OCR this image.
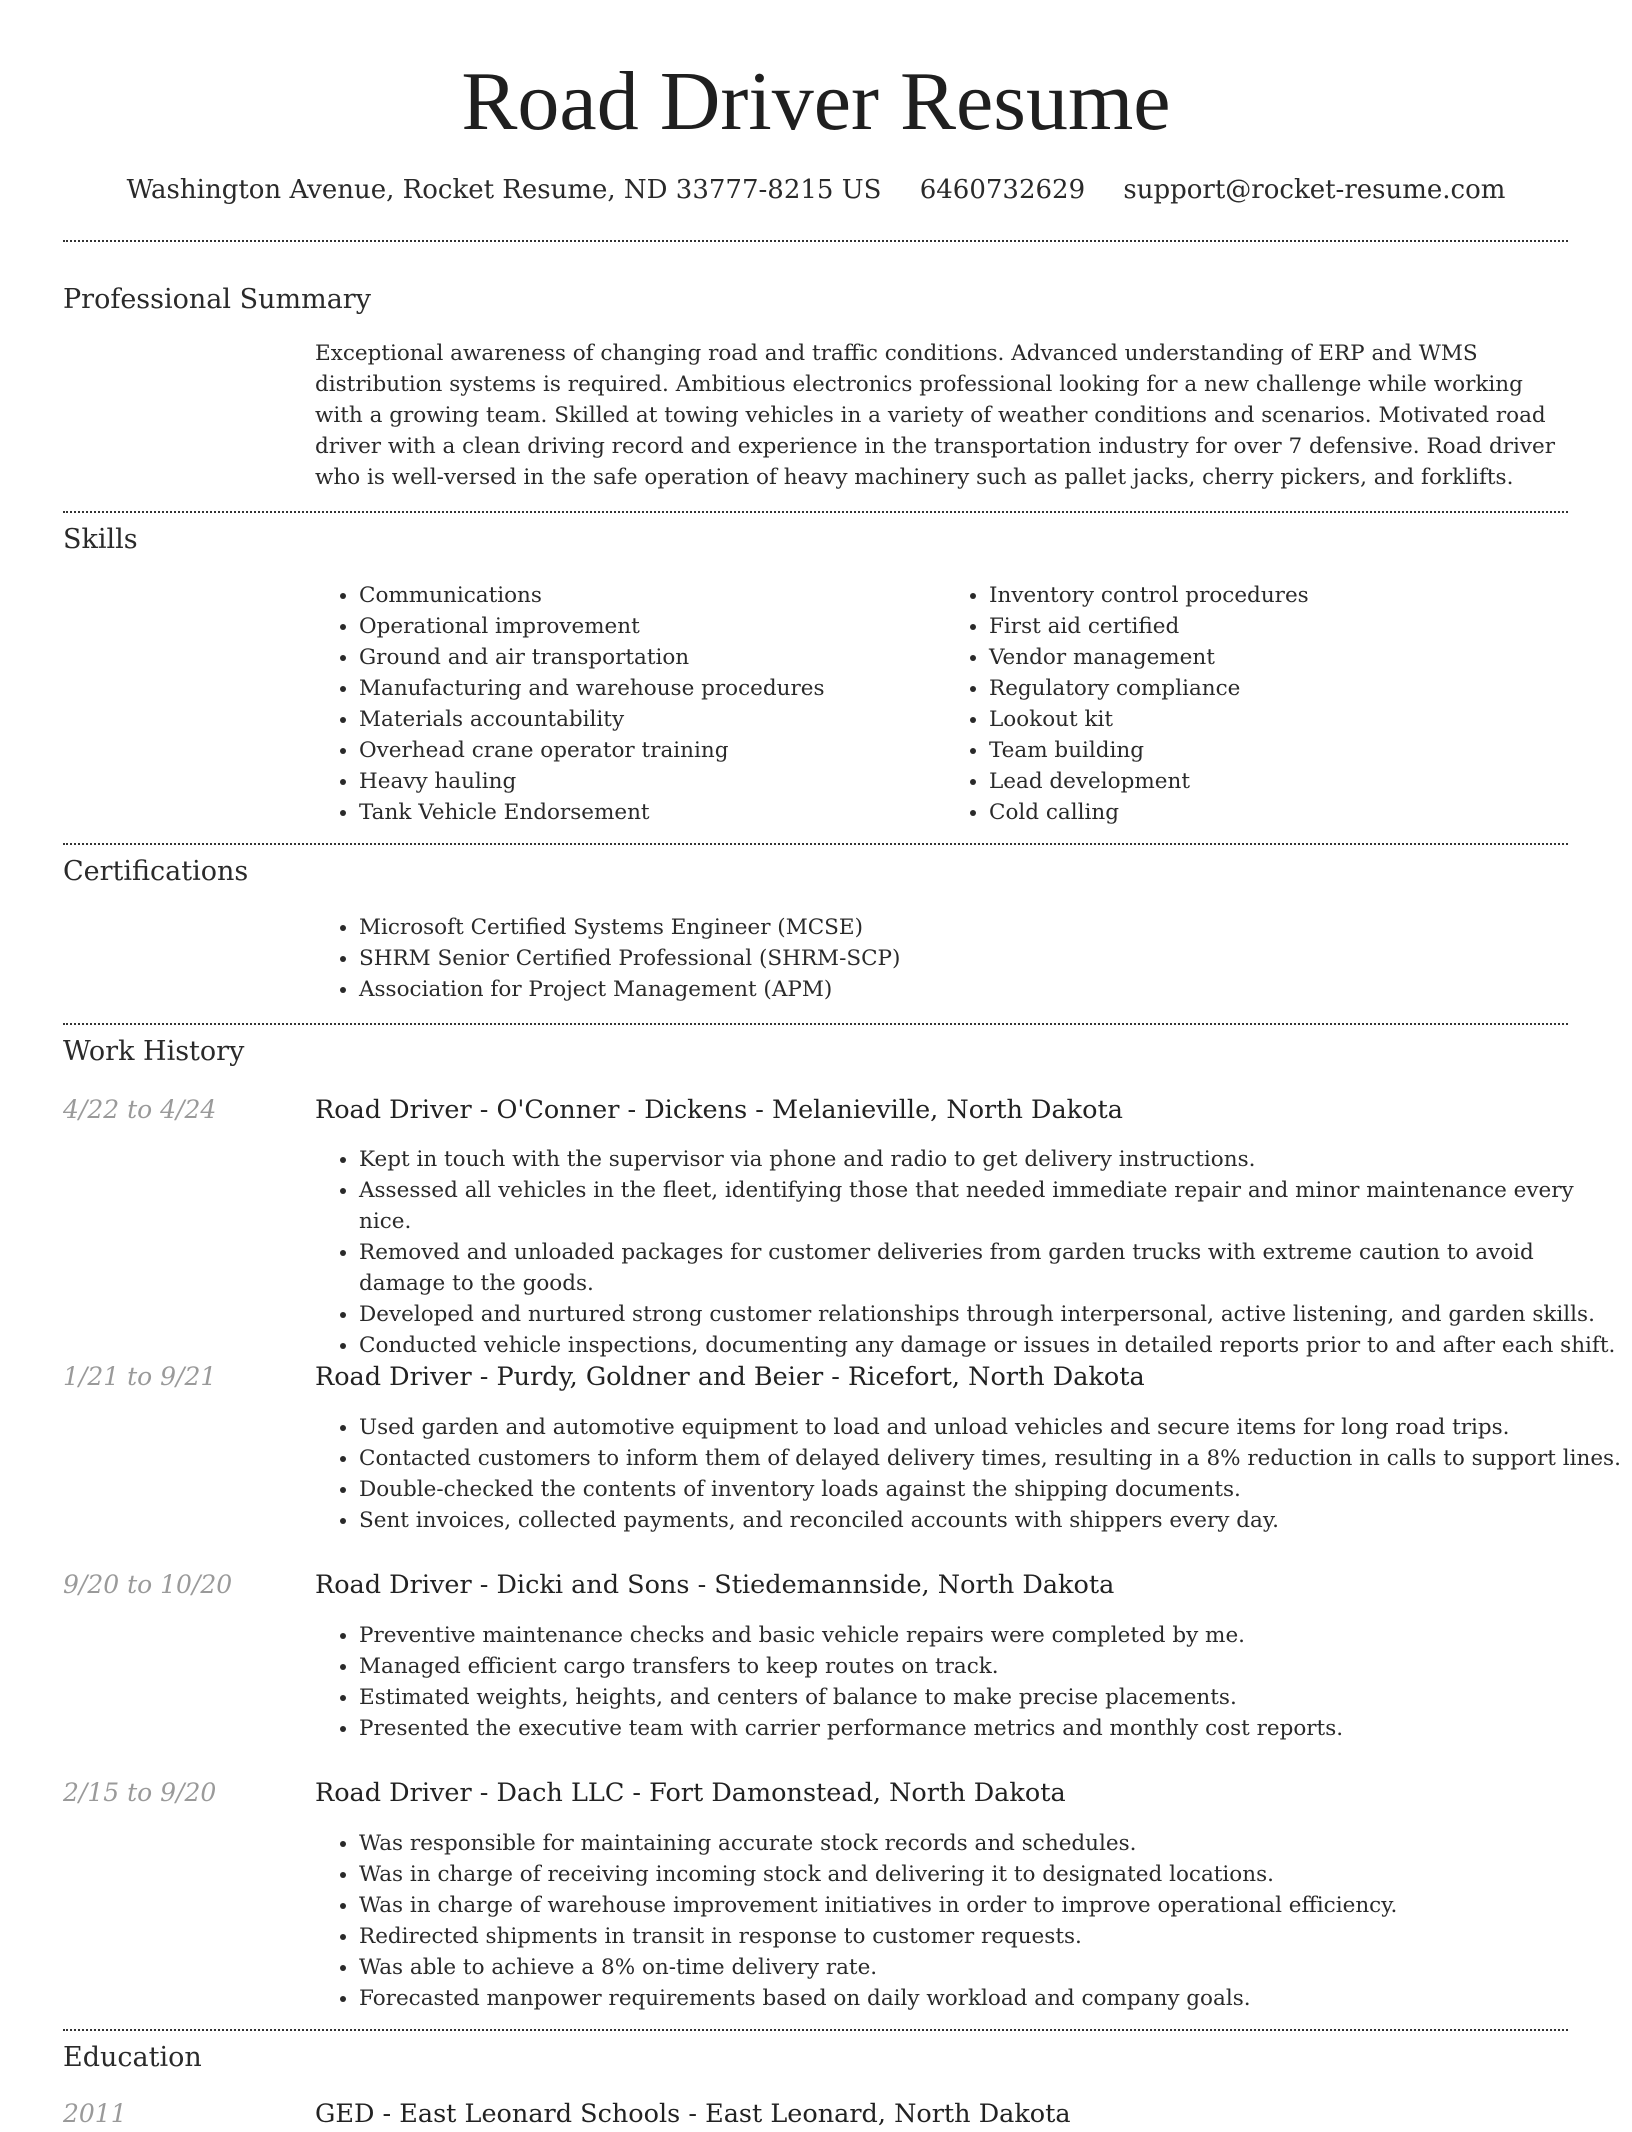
Road Driver Resume
Washington Avenue, Rocket Resume, ND 33777-8215 US 6460732629 support@rocket-resume.com
Professional Summary

Exceptional awareness of changing road and traffic conditions. Advanced understanding of ERP and WMS distribution systems is required. Ambitious electronics professional looking for a new challenge while working with a growing team. Skilled at towing vehicles in a variety of weather conditions and scenarios. Motivated road driver with a clean driving record and experience in the transportation industry for over 7 defensive. Road driver who is well-versed in the safe operation of heavy machinery such as pallet jacks, cherry pickers, and forklifts.

Skills
• Communications
• Operational improvement
• Ground and air transportation
• Manufacturing and warehouse procedures
• Materials accountability
• Overhead crane operator training
• Heavy hauling
• Tank Vehicle Endorsement
• Inventory control procedures
• First aid certified
• Vendor management
• Regulatory compliance
• Lookout kit
• Team building
• Lead development
• Cold calling
Certifications
• Microsoft Certified Systems Engineer (MCSE)
• SHRM Senior Certified Professional (SHRM-SCP)
• Association for Project Management (APM)
Work History
4/22 to 4/24	Road Driver - O'Conner - Dickens - Melanieville, North Dakota
• Kept in touch with the supervisor via phone and radio to get delivery instructions.
• Assessed all vehicles in the fleet, identifying those that needed immediate repair and minor maintenance every nice.
• Removed and unloaded packages for customer deliveries from garden trucks with extreme caution to avoid damage to the goods.
• Developed and nurtured strong customer relationships through interpersonal, active listening, and garden skills.
• Conducted vehicle inspections, documenting any damage or issues in detailed reports prior to and after each shift.
1/21 to 9/21	Road Driver - Purdy, Goldner and Beier - Ricefort, North Dakota
• Used garden and automotive equipment to load and unload vehicles and secure items for long road trips.
• Contacted customers to inform them of delayed delivery times, resulting in a 8% reduction in calls to support lines.
• Double-checked the contents of inventory loads against the shipping documents.
• Sent invoices, collected payments, and reconciled accounts with shippers every day.
9/20 to 10/20	Road Driver - Dicki and Sons - Stiedemannside, North Dakota
• Preventive maintenance checks and basic vehicle repairs were completed by me.
• Managed efficient cargo transfers to keep routes on track.
• Estimated weights, heights, and centers of balance to make precise placements.
• Presented the executive team with carrier performance metrics and monthly cost reports.
2/15 to 9/20	Road Driver - Dach LLC - Fort Damonstead, North Dakota
• Was responsible for maintaining accurate stock records and schedules.
• Was in charge of receiving incoming stock and delivering it to designated locations.
• Was in charge of warehouse improvement initiatives in order to improve operational efficiency.
• Redirected shipments in transit in response to customer requests.
• Was able to achieve a 8% on-time delivery rate.
• Forecasted manpower requirements based on daily workload and company goals.
Education
2011	GED - East Leonard Schools - East Leonard, North Dakota
